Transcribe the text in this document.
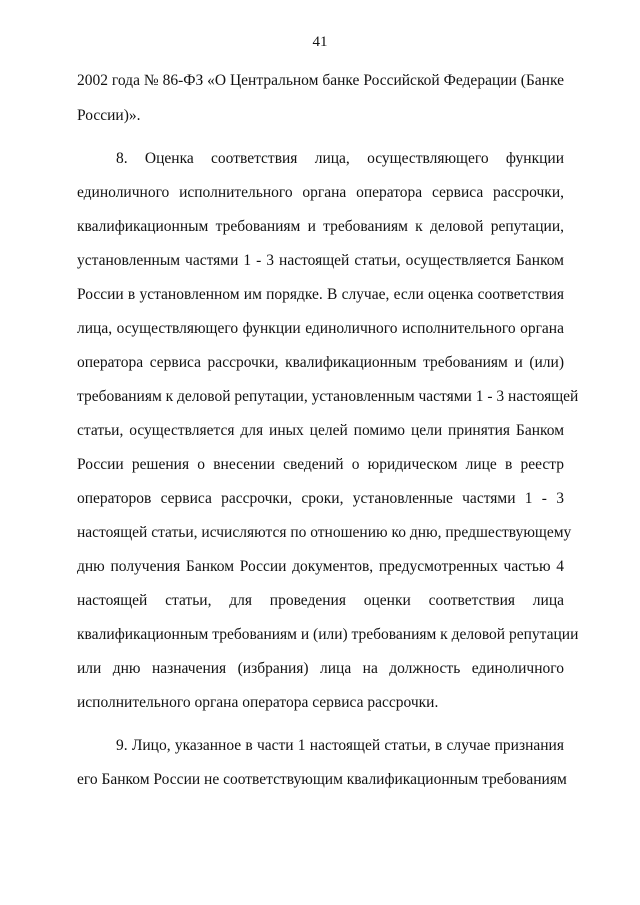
41
2002 года № 86-ФЗ «О Центральном банке Российской Федерации (Банке
России)».
8. Оценка соответствия лица, осуществляющего функции
единоличного исполнительного органа оператора сервиса рассрочки,
квалификационным требованиям и требованиям к деловой репутации,
установленным частями 1 - 3 настоящей статьи, осуществляется Банком
России в установленном им порядке. В случае, если оценка соответствия
лица, осуществляющего функции единоличного исполнительного органа
оператора сервиса рассрочки, квалификационным требованиям и (или)
требованиям к деловой репутации, установленным частями 1 - 3 настоящей
статьи, осуществляется для иных целей помимо цели принятия Банком
России решения о внесении сведений о юридическом лице в реестр
операторов сервиса рассрочки, сроки, установленные частями 1 - 3
настоящей статьи, исчисляются по отношению ко дню, предшествующему
дню получения Банком России документов, предусмотренных частью 4
настоящей статьи, для проведения оценки соответствия лица
квалификационным требованиям и (или) требованиям к деловой репутации
или дню назначения (избрания) лица на должность единоличного
исполнительного органа оператора сервиса рассрочки.
9. Лицо, указанное в части 1 настоящей статьи, в случае признания
его Банком России не соответствующим квалификационным требованиям
